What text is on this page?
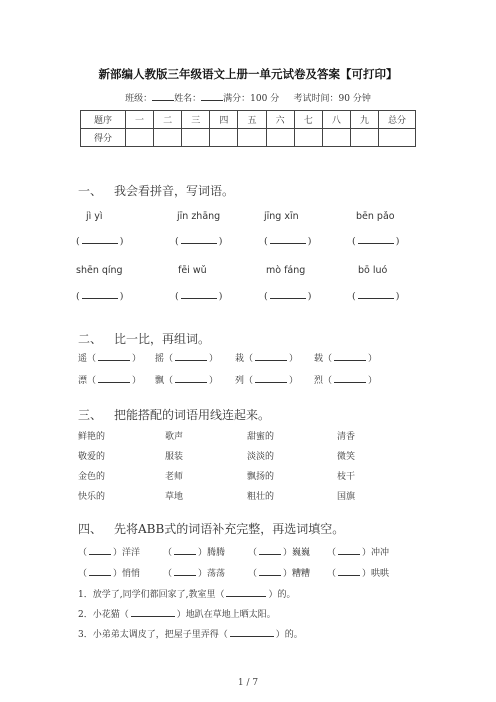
新部编人教版三年级语文上册一单元试卷及答案【可打印】
班级： 姓名： 满分：100 分 考试时间：90 分钟
题序	一	二	三	四	五	六	七	八	九	总分
得分										
一、 我会看拼音，写词语。
jì yì	jīn zhāng	jīng xīn	bēn pǎo
(	)	(	)	(	)	(	)
shēn qíng	fēi wǔ	mò fáng	bō luó
(	)	(	)	(	)	(	)
二、 比一比，再组词。
遥（	） 摇（	） 栽（	） 载（	）
漂（	） 飘（	） 列（	） 烈（	）
三、 把能搭配的词语用线连起来。
鲜艳的	歌声	甜蜜的	清香
敬爱的	服装	淡淡的	微笑
金色的	老师	飘扬的	枝干
快乐的	草地	粗壮的	国旗
四、 先将ABB式的词语补充完整，再选词填空。
（	）洋洋	（	）腾腾	（	）巍巍 （	）冲冲
（	）悄悄	（	）荡荡	（	）糟糟 （	）哄哄
1．放学了,同学们都回家了,教室里（	）的。
2．小花猫（	）地趴在草地上晒太阳。
3．小弟弟太调皮了，把屋子里弄得（	）的。
1 / 7
